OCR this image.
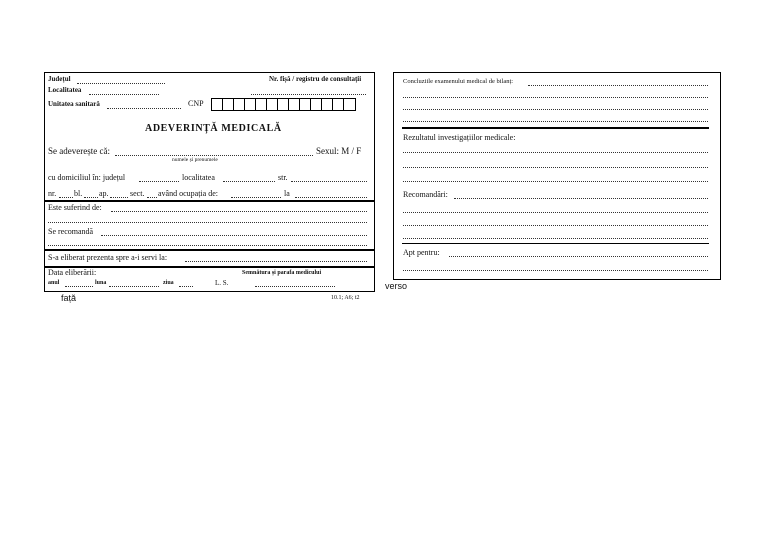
Județul	Nr. fișă / registru de consultații
Localitatea
Unitatea sanitară	CNP
ADEVERINȚĂ MEDICALĂ
Se adeverește că:	Sexul: M / F
numele și prenumele
cu domiciliul în: județul	localitatea	str.
nr. bl. ap.	sect. având ocupația de:	la
Este suferind de:
Se recomandă
S-a eliberat prezenta spre a-i servi la:
Data eliberării:	Semnătura și parafa medicului
anul	luna	ziua	L. S.
față	10.1; A6; t2
Concluziile examenului medical de bilanț:
Rezultatul investigațiilor medicale:
Recomandări:
Apt pentru:
verso
